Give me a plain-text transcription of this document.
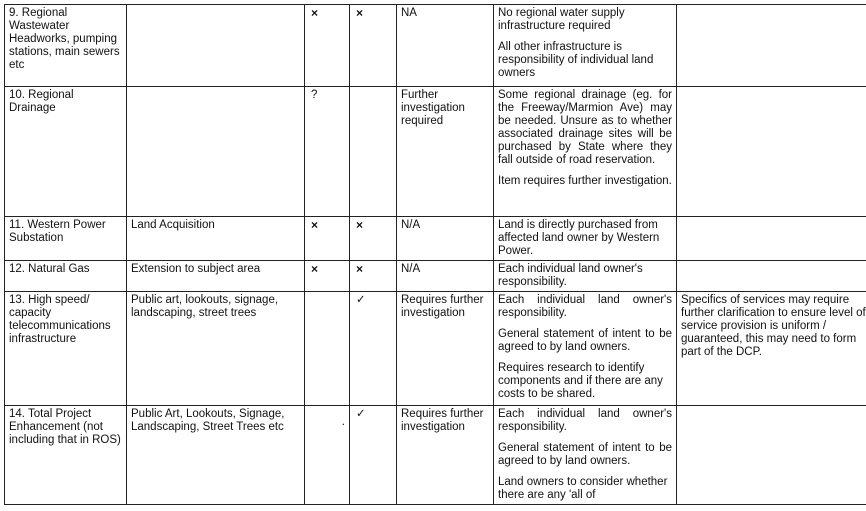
9. Regional Wastewater Headworks, pumping stations, main sewers etc		×	×	NA	No regional water supply infrastructure required
All other infrastructure is responsibility of individual land owners	

10. Regional Drainage		?		Further investigation required	Some regional drainage (eg. for the Freeway/Marmion Ave) may be needed. Unsure as to whether associated drainage sites will be purchased by State where they fall outside of road reservation.
Item requires further investigation.	

11. Western Power Substation	Land Acquisition	×	×	N/A	Land is directly purchased from affected land owner by Western Power.	

12. Natural Gas	Extension to subject area	×	×	N/A	Each individual land owner's responsibility.	

13. High speed/ capacity telecommunications infrastructure	Public art, lookouts, signage, landscaping, street trees		✓	Requires further investigation	Each individual land owner's responsibility.
General statement of intent to be agreed to by land owners.
Requires research to identify components and if there are any costs to be shared.	Specifics of services may require further clarification to ensure level of service provision is uniform / guaranteed, this may need to form part of the DCP.
14. Total Project Enhancement (not including that in ROS)	Public Art, Lookouts, Signage, Landscaping, Street Trees etc	.	✓	Requires further investigation	Each individual land owner's responsibility.
General statement of intent to be agreed to by land owners.
Land owners to consider whether there are any 'all of	
